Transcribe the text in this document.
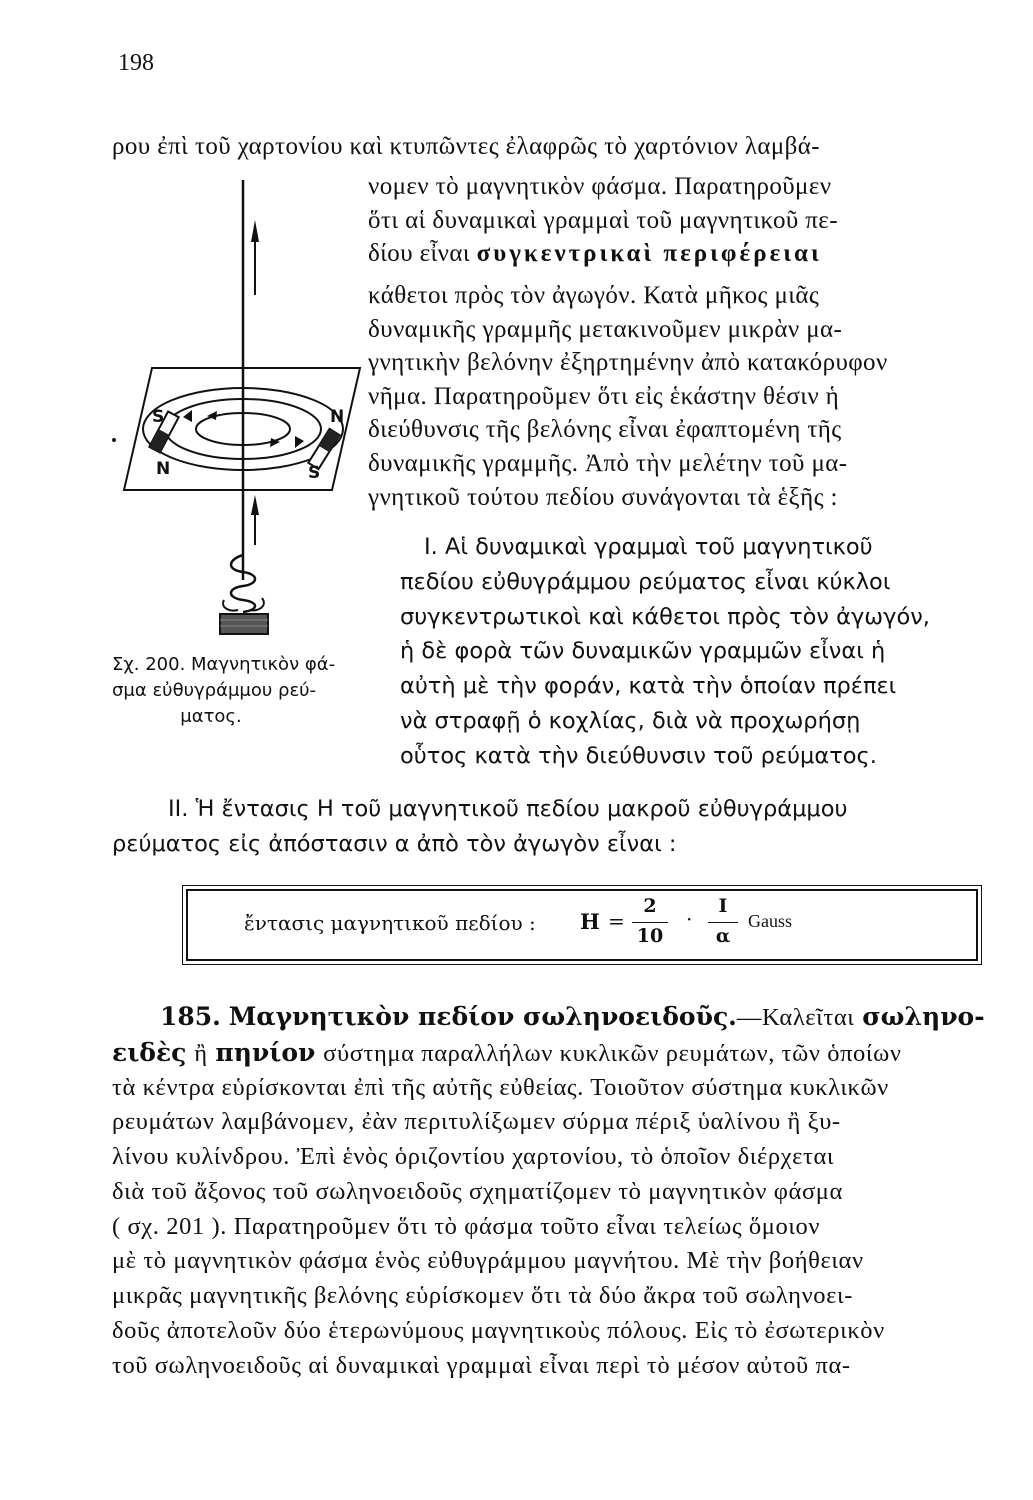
198
ρου ἐπὶ τοῦ χαρτονίου καὶ κτυπῶντες ἐλαφρῶς τὸ χαρτόνιον λαμβά-
νομεν τὸ μαγνητικὸν φάσμα. Παρατηροῦμεν
ὅτι αἱ δυναμικαὶ γραμμαὶ τοῦ μαγνητικοῦ πε-
δίου εἶναι συγκεντρικαὶ περιφέρειαι
κάθετοι πρὸς τὸν ἀγωγόν. Κατὰ μῆκος μιᾶς
δυναμικῆς γραμμῆς μετακινοῦμεν μικρὰν μα-
γνητικὴν βελόνην ἐξηρτημένην ἀπὸ κατακόρυφον
νῆμα. Παρατηροῦμεν ὅτι εἰς ἑκάστην θέσιν ἡ
διεύθυνσις τῆς βελόνης εἶναι ἐφαπτομένη τῆς
δυναμικῆς γραμμῆς. Ἀπὸ τὴν μελέτην τοῦ μα-
γνητικοῦ τούτου πεδίου συνάγονται τὰ ἑξῆς :
S
N
N
S
Σχ. 200. Μαγνητικὸν φά-
σμα εὐθυγράμμου ρεύ-
ματος.
I. Αἱ δυναμικαὶ γραμμαὶ τοῦ μαγνητικοῦ
πεδίου εὐθυγράμμου ρεύματος εἶναι κύκλοι
συγκεντρωτικοὶ καὶ κάθετοι πρὸς τὸν ἀγωγόν,
ἡ δὲ φορὰ τῶν δυναμικῶν γραμμῶν εἶναι ἡ
αὐτὴ μὲ τὴν φοράν, κατὰ τὴν ὁποίαν πρέπει
νὰ στραφῇ ὁ κοχλίας, διὰ νὰ προχωρήσῃ
οὗτος κατὰ τὴν διεύθυνσιν τοῦ ρεύματος.
II. Ἡ ἔντασις Η τοῦ μαγνητικοῦ πεδίου μακροῦ εὐθυγράμμου
ρεύματος εἰς ἀπόστασιν α ἀπὸ τὸν ἀγωγὸν εἶναι :
ἔντασις μαγνητικοῦ πεδίου : H =
2
10
·
I
α
Gauss
185. Μαγνητικὸν πεδίον σωληνοειδοῦς.—Καλεῖται σωληνο-
ειδὲς ἢ πηνίον σύστημα παραλλήλων κυκλικῶν ρευμάτων, τῶν ὁποίων
τὰ κέντρα εὑρίσκονται ἐπὶ τῆς αὐτῆς εὐθείας. Τοιοῦτον σύστημα κυκλικῶν
ρευμάτων λαμβάνομεν, ἐὰν περιτυλίξωμεν σύρμα πέριξ ὑαλίνου ἢ ξυ-
λίνου κυλίνδρου. Ἐπὶ ἑνὸς ὁριζοντίου χαρτονίου, τὸ ὁποῖον διέρχεται
διὰ τοῦ ἄξονος τοῦ σωληνοειδοῦς σχηματίζομεν τὸ μαγνητικὸν φάσμα
( σχ. 201 ). Παρατηροῦμεν ὅτι τὸ φάσμα τοῦτο εἶναι τελείως ὅμοιον
μὲ τὸ μαγνητικὸν φάσμα ἑνὸς εὐθυγράμμου μαγνήτου. Μὲ τὴν βοήθειαν
μικρᾶς μαγνητικῆς βελόνης εὑρίσκομεν ὅτι τὰ δύο ἄκρα τοῦ σωληνοει-
δοῦς ἀποτελοῦν δύο ἑτερωνύμους μαγνητικοὺς πόλους. Εἰς τὸ ἐσωτερικὸν
τοῦ σωληνοειδοῦς αἱ δυναμικαὶ γραμμαὶ εἶναι περὶ τὸ μέσον αὐτοῦ πα-
